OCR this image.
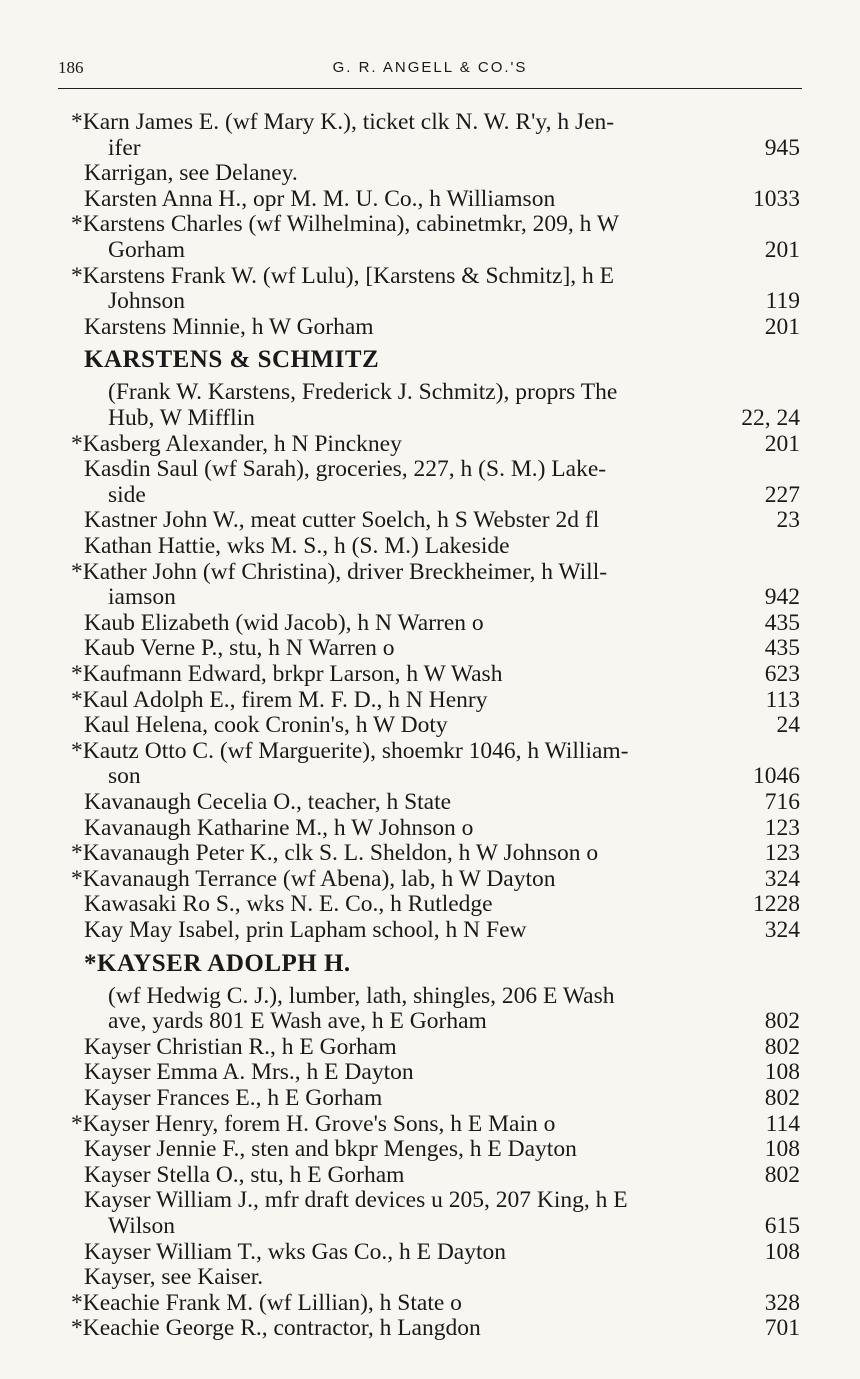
186	G. R. ANGELL & CO.'S
*Karn James E. (wf Mary K.), ticket clk N. W. R'y, h Jen-
ifer	945
Karrigan, see Delaney.
Karsten Anna H., opr M. M. U. Co., h Williamson	1033
*Karstens Charles (wf Wilhelmina), cabinetmkr, 209, h W
Gorham	201
*Karstens Frank W. (wf Lulu), [Karstens & Schmitz], h E
Johnson	119
Karstens Minnie, h W Gorham	201
KARSTENS & SCHMITZ
(Frank W. Karstens, Frederick J. Schmitz), proprs The
Hub, W Mifflin	22, 24
*Kasberg Alexander, h N Pinckney	201
Kasdin Saul (wf Sarah), groceries, 227, h (S. M.) Lake-
side	227
Kastner John W., meat cutter Soelch, h S Webster 2d fl	23
Kathan Hattie, wks M. S., h (S. M.) Lakeside
*Kather John (wf Christina), driver Breckheimer, h Will-
iamson	942
Kaub Elizabeth (wid Jacob), h N Warren o	435
Kaub Verne P., stu, h N Warren o	435
*Kaufmann Edward, brkpr Larson, h W Wash	623
*Kaul Adolph E., firem M. F. D., h N Henry	113
Kaul Helena, cook Cronin's, h W Doty	24
*Kautz Otto C. (wf Marguerite), shoemkr 1046, h William-
son	1046
Kavanaugh Cecelia O., teacher, h State	716
Kavanaugh Katharine M., h W Johnson o	123
*Kavanaugh Peter K., clk S. L. Sheldon, h W Johnson o	123
*Kavanaugh Terrance (wf Abena), lab, h W Dayton	324
Kawasaki Ro S., wks N. E. Co., h Rutledge	1228
Kay May Isabel, prin Lapham school, h N Few	324
*KAYSER ADOLPH H.
(wf Hedwig C. J.), lumber, lath, shingles, 206 E Wash
ave, yards 801 E Wash ave, h E Gorham	802
Kayser Christian R., h E Gorham	802
Kayser Emma A. Mrs., h E Dayton	108
Kayser Frances E., h E Gorham	802
*Kayser Henry, forem H. Grove's Sons, h E Main o	114
Kayser Jennie F., sten and bkpr Menges, h E Dayton	108
Kayser Stella O., stu, h E Gorham	802
Kayser William J., mfr draft devices u 205, 207 King, h E
Wilson	615
Kayser William T., wks Gas Co., h E Dayton	108
Kayser, see Kaiser.
*Keachie Frank M. (wf Lillian), h State o	328
*Keachie George R., contractor, h Langdon	701
